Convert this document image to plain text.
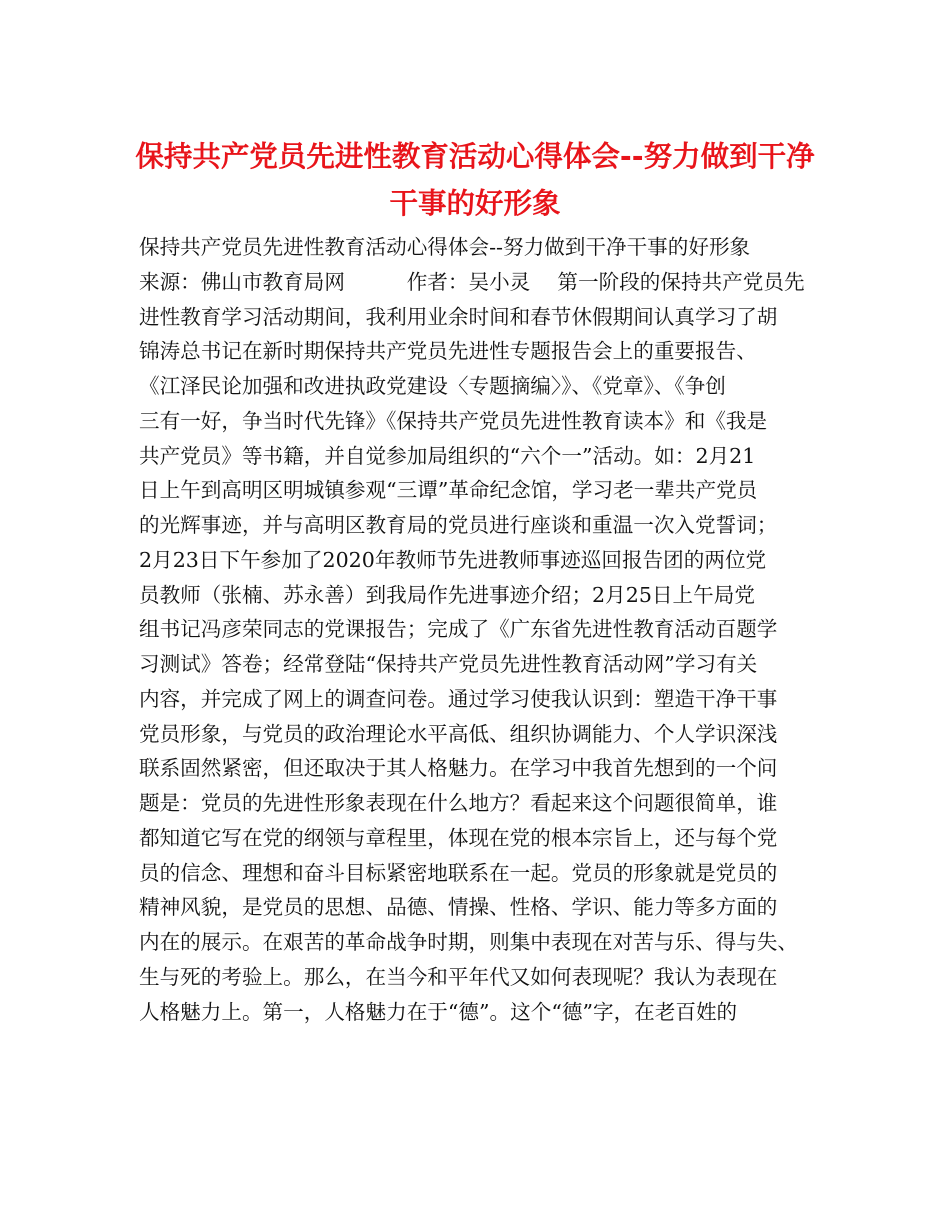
保持共产党员先进性教育活动心得体会--努力做到干净
干事的好形象
保持共产党员先进性教育活动心得体会--努力做到干净干事的好形象
来源：佛山市教育局网　　　作者：吴小灵　 第一阶段的保持共产党员先
进性教育学习活动期间，我利用业余时间和春节休假期间认真学习了胡
锦涛总书记在新时期保持共产党员先进性专题报告会上的重要报告、
《江泽民论加强和改进执政党建设〈专题摘编〉》、《党章》、《争创
三有一好，争当时代先锋》《保持共产党员先进性教育读本》和《我是
共产党员》等书籍，并自觉参加局组织的“六个一”活动。如：2月21
日上午到高明区明城镇参观“三谭”革命纪念馆，学习老一辈共产党员
的光辉事迹，并与高明区教育局的党员进行座谈和重温一次入党誓词；
2月23日下午参加了2020年教师节先进教师事迹巡回报告团的两位党
员教师（张楠、苏永善）到我局作先进事迹介绍；2月25日上午局党
组书记冯彦荣同志的党课报告；完成了《广东省先进性教育活动百题学
习测试》答卷；经常登陆“保持共产党员先进性教育活动网”学习有关
内容，并完成了网上的调查问卷。通过学习使我认识到：塑造干净干事
党员形象，与党员的政治理论水平高低、组织协调能力、个人学识深浅
联系固然紧密，但还取决于其人格魅力。在学习中我首先想到的一个问
题是：党员的先进性形象表现在什么地方？看起来这个问题很简单，谁
都知道它写在党的纲领与章程里，体现在党的根本宗旨上，还与每个党
员的信念、理想和奋斗目标紧密地联系在一起。党员的形象就是党员的
精神风貌，是党员的思想、品德、情操、性格、学识、能力等多方面的
内在的展示。在艰苦的革命战争时期，则集中表现在对苦与乐、得与失、
生与死的考验上。那么，在当今和平年代又如何表现呢？我认为表现在
人格魅力上。第一，人格魅力在于“德”。这个“德”字，在老百姓的
